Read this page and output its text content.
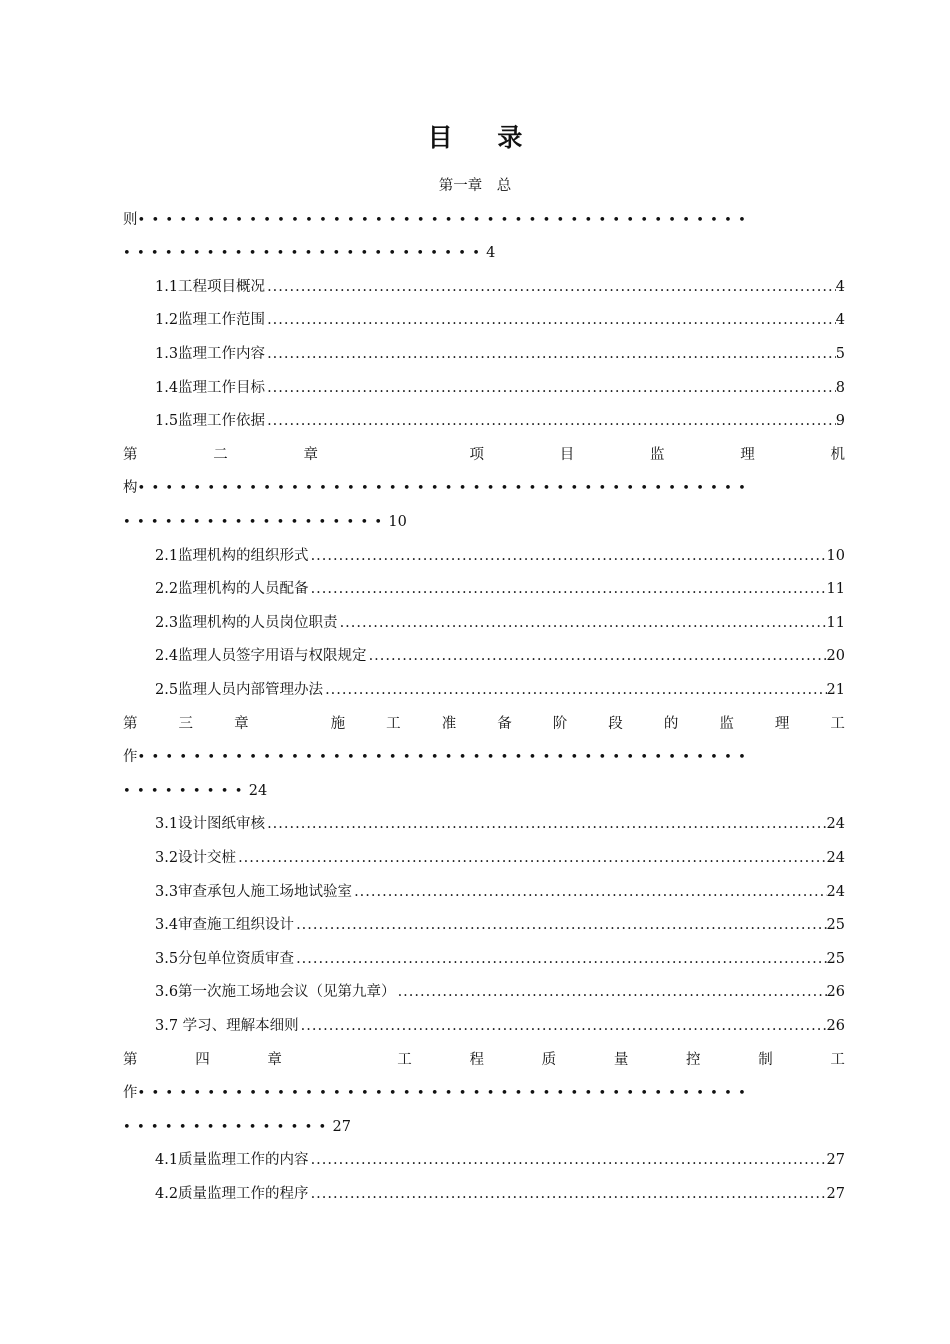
目 录
第一章　总
则 ••••••••••••••••••••••••••••••••••••••••••••
•••••••••••••••••••••••••• 4
1.1工程项目概况 .....	4
1.2监理工作范围 .....	4
1.3监理工作内容 .....	5
1.4监理工作目标 .....	8
1.5监理工作依据 .....	9
第	二	章	项	目	监	理	机
构 ••••••••••••••••••••••••••••••••••••••••••••
••••••••••••••••••• 10
2.1监理机构的组织形式 .....	10
2.2监理机构的人员配备 .....	11
2.3监理机构的人员岗位职责 .....	11
2.4监理人员签字用语与权限规定 .....	20
2.5监理人员内部管理办法 .....	21
第	三	章	施	工	准	备	阶	段	的	监	理	工
作 ••••••••••••••••••••••••••••••••••••••••••••
••••••••• 24
3.1设计图纸审核 .....	24
3.2设计交桩 .....	24
3.3审查承包人施工场地试验室 .....	24
3.4审查施工组织设计 .....	25
3.5分包单位资质审查 .....	25
3.6第一次施工场地会议（见第九章） .....	26
3.7 学习、理解本细则 .....	26
第	四	章	工	程	质	量	控	制	工
作 ••••••••••••••••••••••••••••••••••••••••••••
••••••••••••••• 27
4.1质量监理工作的内容 .....	27
4.2质量监理工作的程序 .....	27
